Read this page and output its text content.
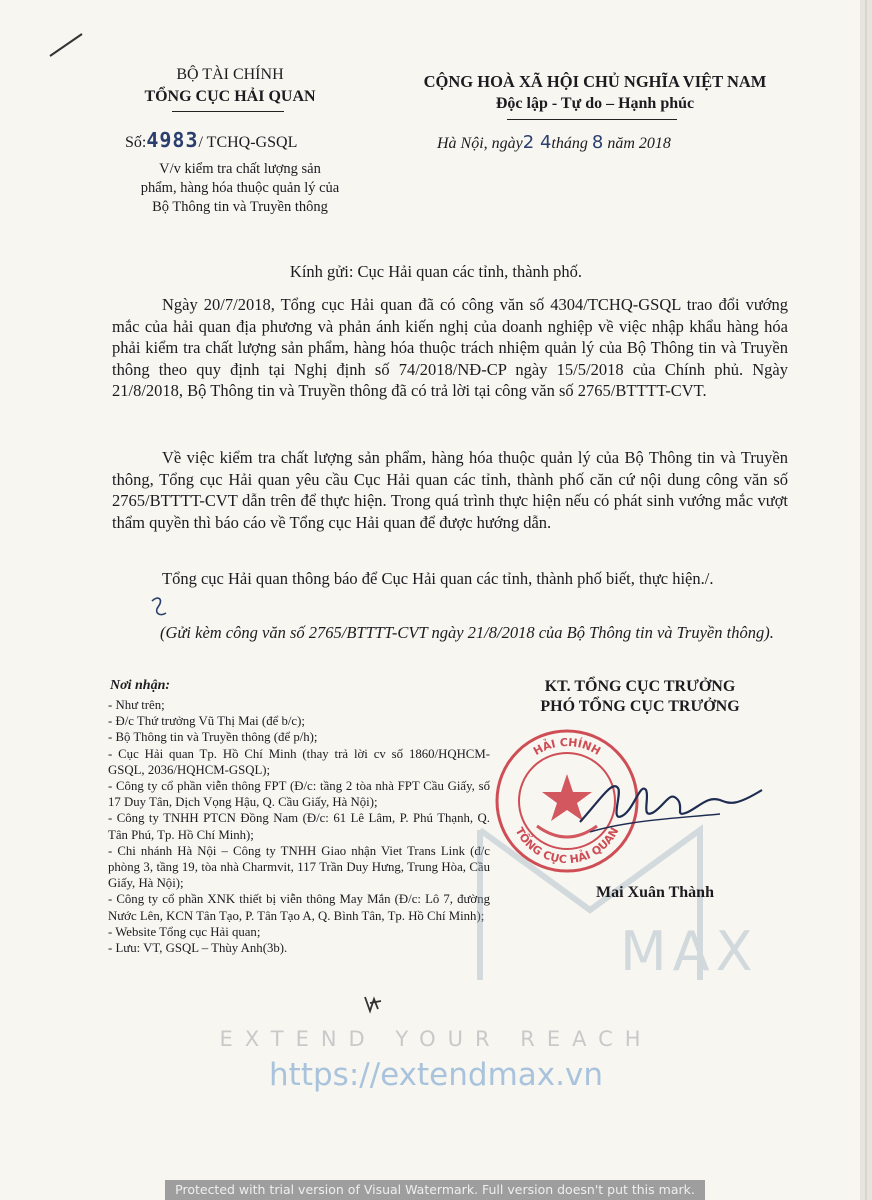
BỘ TÀI CHÍNH
TỔNG CỤC HẢI QUAN
CỘNG HOÀ XÃ HỘI CHỦ NGHĨA VIỆT NAM
Độc lập - Tự do – Hạnh phúc
Số:4983/ TCHQ-GSQL	Hà Nội, ngày2 4tháng 8 năm 2018
V/v kiểm tra chất lượng sản
phẩm, hàng hóa thuộc quản lý của
Bộ Thông tin và Truyền thông
Kính gửi: Cục Hải quan các tỉnh, thành phố.
Ngày 20/7/2018, Tổng cục Hải quan đã có công văn số 4304/TCHQ-GSQL trao đổi vướng mắc của hải quan địa phương và phản ánh kiến nghị của doanh nghiệp về việc nhập khẩu hàng hóa phải kiểm tra chất lượng sản phẩm, hàng hóa thuộc trách nhiệm quản lý của Bộ Thông tin và Truyền thông theo quy định tại Nghị định số 74/2018/NĐ-CP ngày 15/5/2018 của Chính phủ. Ngày 21/8/2018, Bộ Thông tin và Truyền thông đã có trả lời tại công văn số 2765/BTTTT-CVT.
Về việc kiểm tra chất lượng sản phẩm, hàng hóa thuộc quản lý của Bộ Thông tin và Truyền thông, Tổng cục Hải quan yêu cầu Cục Hải quan các tỉnh, thành phố căn cứ nội dung công văn số 2765/BTTTT-CVT dẫn trên để thực hiện. Trong quá trình thực hiện nếu có phát sinh vướng mắc vượt thẩm quyền thì báo cáo về Tổng cục Hải quan để được hướng dẫn.
Tổng cục Hải quan thông báo để Cục Hải quan các tỉnh, thành phố biết, thực hiện./.
(Gửi kèm công văn số 2765/BTTTT-CVT ngày 21/8/2018 của Bộ Thông tin và Truyền thông).
Nơi nhận:
- Như trên;
- Đ/c Thứ trưởng Vũ Thị Mai (để b/c);
- Bộ Thông tin và Truyền thông (để p/h);
- Cục Hải quan Tp. Hồ Chí Minh (thay trả lời cv số 1860/HQHCM-GSQL, 2036/HQHCM-GSQL);
- Công ty cổ phần viễn thông FPT (Đ/c: tầng 2 tòa nhà FPT Cầu Giấy, số 17 Duy Tân, Dịch Vọng Hậu, Q. Cầu Giấy, Hà Nội);
- Công ty TNHH PTCN Đồng Nam (Đ/c: 61 Lê Lâm, P. Phú Thạnh, Q. Tân Phú, Tp. Hồ Chí Minh);
- Chi nhánh Hà Nội – Công ty TNHH Giao nhận Viet Trans Link (đ/c phòng 3, tầng 19, tòa nhà Charmvit, 117 Trần Duy Hưng, Trung Hòa, Cầu Giấy, Hà Nội);
- Công ty cổ phần XNK thiết bị viễn thông May Mắn (Đ/c: Lô 7, đường Nước Lên, KCN Tân Tạo, P. Tân Tạo A, Q. Bình Tân, Tp. Hồ Chí Minh);
- Website Tổng cục Hải quan;
- Lưu: VT, GSQL – Thùy Anh(3b).	MAX
KT. TỔNG CỤC TRƯỞNG
PHÓ TỔNG CỤC TRƯỞNG
HẢI CHÍNH
TỔNG CỤC HẢI QUAN
Mai Xuân Thành
EXTEND YOUR REACH
https://extendmax.vn
Protected with trial version of Visual Watermark. Full version doesn't put this mark.
